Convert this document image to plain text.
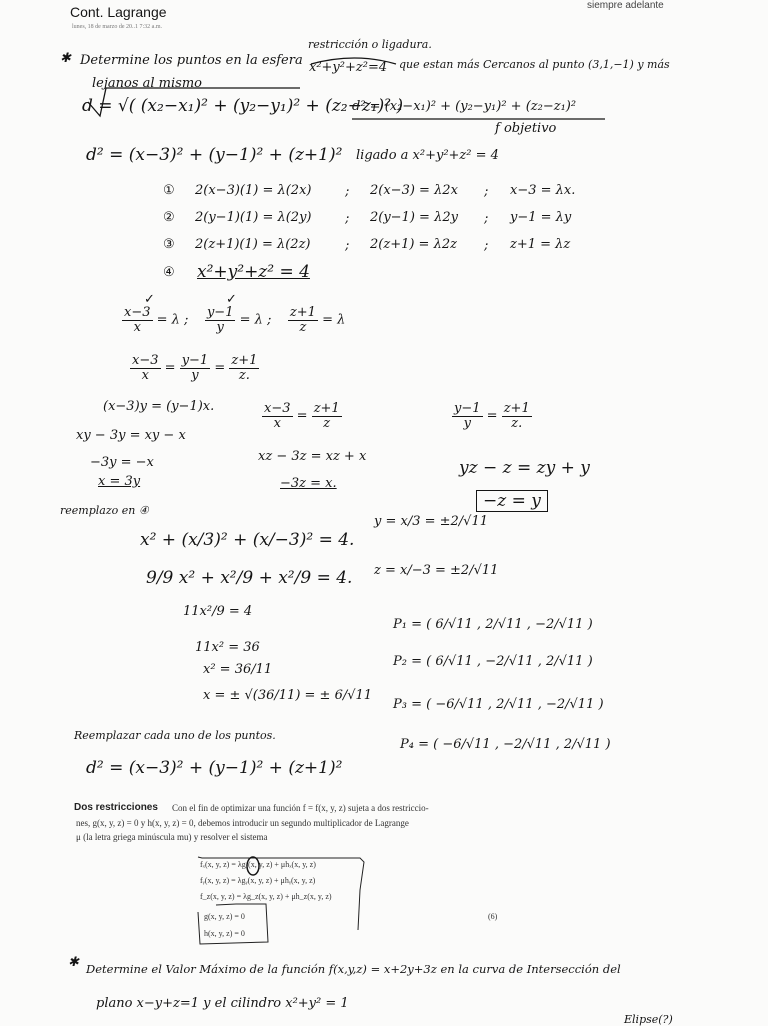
Cont. Lagrange	siempre adelante
lunes, 18 de marzo de 20..1 7:32 a.m.
restricción o ligadura.
✱ Determine los puntos en la esfera x²+y²+z²=4 que estan más Cercanos al punto (3,1,−1) y más
lejanos al mismo
d = √( (x₂−x₁)² + (y₂−y₁)² + (z₂−z₁)² )
d² = (x₂−x₁)² + (y₂−y₁)² + (z₂−z₁)²
f objetivo
d² = (x−3)² + (y−1)² + (z+1)² ligado a x²+y²+z² = 4
① 2(x−3)(1) = λ(2x)	; 2(x−3) = λ2x ; x−3 = λx.
② 2(y−1)(1) = λ(2y)	; 2(y−1) = λ2y ; y−1 = λy
③ 2(z+1)(1) = λ(2z)	; 2(z+1) = λ2z ; z+1 = λz
④ x²+y²+z² = 4
$\frac{x-3}{x} = \lambda$ ; $\frac{y-1}{y} = \lambda$ ; $\frac{z+1}{z} = \lambda$
✓	✓
$\frac{x-3}{x} = \frac{y-1}{y} = \frac{z+1}{z.}$
(x−3)y = (y−1)x.
xy − 3y = xy − x
−3y = −x
x = 3y
$\frac{x-3}{x} = \frac{z+1}{z}$
xz − 3z = xz + x
−3z = x.
$\frac{y-1}{y} = \frac{z+1}{z.}$
yz − z = zy + y
−z = y
reemplazo en ④
x² + (x/3)² + (x/−3)² = 4.
9/9 x² + x²/9 + x²/9 = 4.
11x²/9 = 4
11x² = 36
x² = 36/11
x = ± √(36/11) = ± 6/√11
y = x/3 = ±2/√11
z = x/−3 = ±2/√11
P₁ = ( 6/√11 , 2/√11 , −2/√11 )
P₂ = ( 6/√11 , −2/√11 , 2/√11 )
P₃ = ( −6/√11 , 2/√11 , −2/√11 )
P₄ = ( −6/√11 , −2/√11 , 2/√11 )
Reemplazar cada uno de los puntos.
d² = (x−3)² + (y−1)² + (z+1)²
Dos restricciones Con el fin de optimizar una función f = f(x, y, z) sujeta a dos restriccio-
nes, g(x, y, z) = 0 y h(x, y, z) = 0, debemos introducir un segundo multiplicador de Lagrange
μ (la letra griega minúscula mu) y resolver el sistema
fₓ(x, y, z) = λgₓ(x, y, z) + μhₓ(x, y, z)
fᵧ(x, y, z) = λgᵧ(x, y, z) + μhᵧ(x, y, z)
f_z(x, y, z) = λg_z(x, y, z) + μh_z(x, y, z)
g(x, y, z) = 0
h(x, y, z) = 0
(6)
✱ Determine el Valor Máximo de la función f(x,y,z) = x+2y+3z en la curva de Intersección del
plano x−y+z=1 y el cilindro x²+y² = 1
Elipse(?)
